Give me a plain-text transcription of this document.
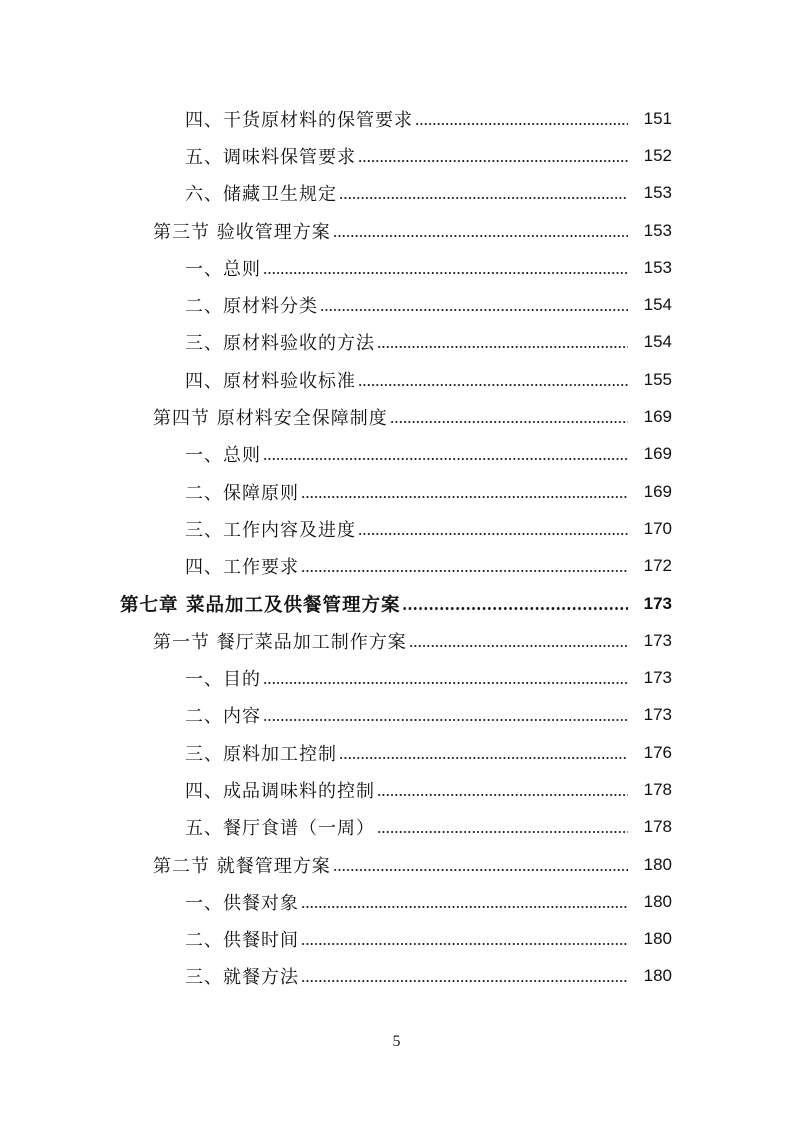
四、干货原材料的保管要求	151
五、调味料保管要求	152
六、储藏卫生规定	153
第三节 验收管理方案	153
一、总则	153
二、原材料分类	154
三、原材料验收的方法	154
四、原材料验收标准	155
第四节 原材料安全保障制度	169
一、总则	169
二、保障原则	169
三、工作内容及进度	170
四、工作要求	172
第七章 菜品加工及供餐管理方案	173
第一节 餐厅菜品加工制作方案	173
一、目的	173
二、内容	173
三、原料加工控制	176
四、成品调味料的控制	178
五、餐厅食谱（一周）	178
第二节 就餐管理方案	180
一、供餐对象	180
二、供餐时间	180
三、就餐方法	180
5
